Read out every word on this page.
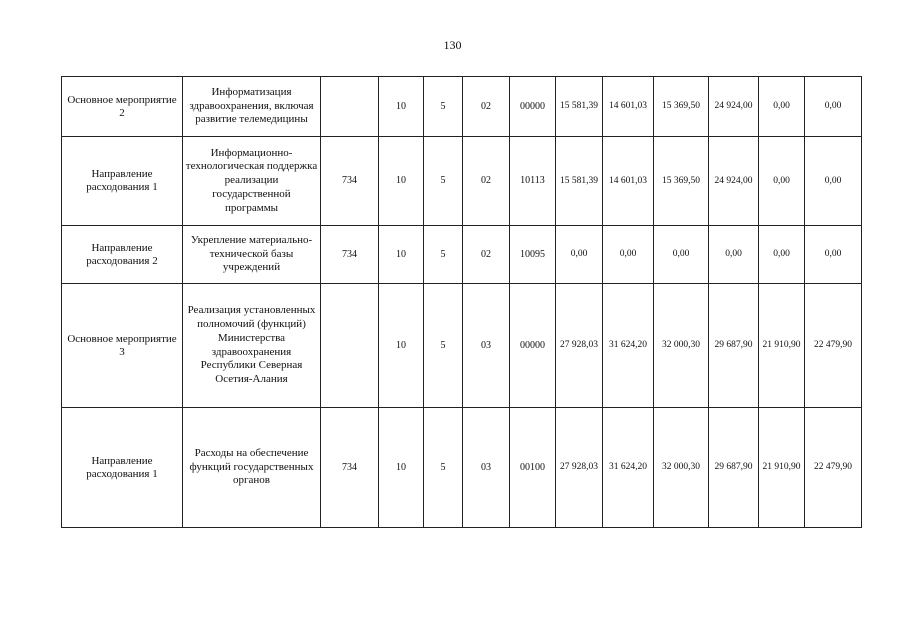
130
Основное мероприятие 2	Информатизация здравоохранения, включая развитие телемедицины		10	5	02	00000	15 581,39	14 601,03	15 369,50	24 924,00	0,00	0,00
Направление расходования 1	Информационно-технологическая поддержка реализации государственной программы	734	10	5	02	10113	15 581,39	14 601,03	15 369,50	24 924,00	0,00	0,00
Направление расходования 2	Укрепление материально-технической базы учреждений	734	10	5	02	10095	0,00	0,00	0,00	0,00	0,00	0,00
Основное мероприятие 3	Реализация установленных полномочий (функций) Министерства здравоохранения Республики Северная Осетия-Алания		10	5	03	00000	27 928,03	31 624,20	32 000,30	29 687,90	21 910,90	22 479,90
Направление расходования 1	Расходы на обеспечение функций государственных органов	734	10	5	03	00100	27 928,03	31 624,20	32 000,30	29 687,90	21 910,90	22 479,90
